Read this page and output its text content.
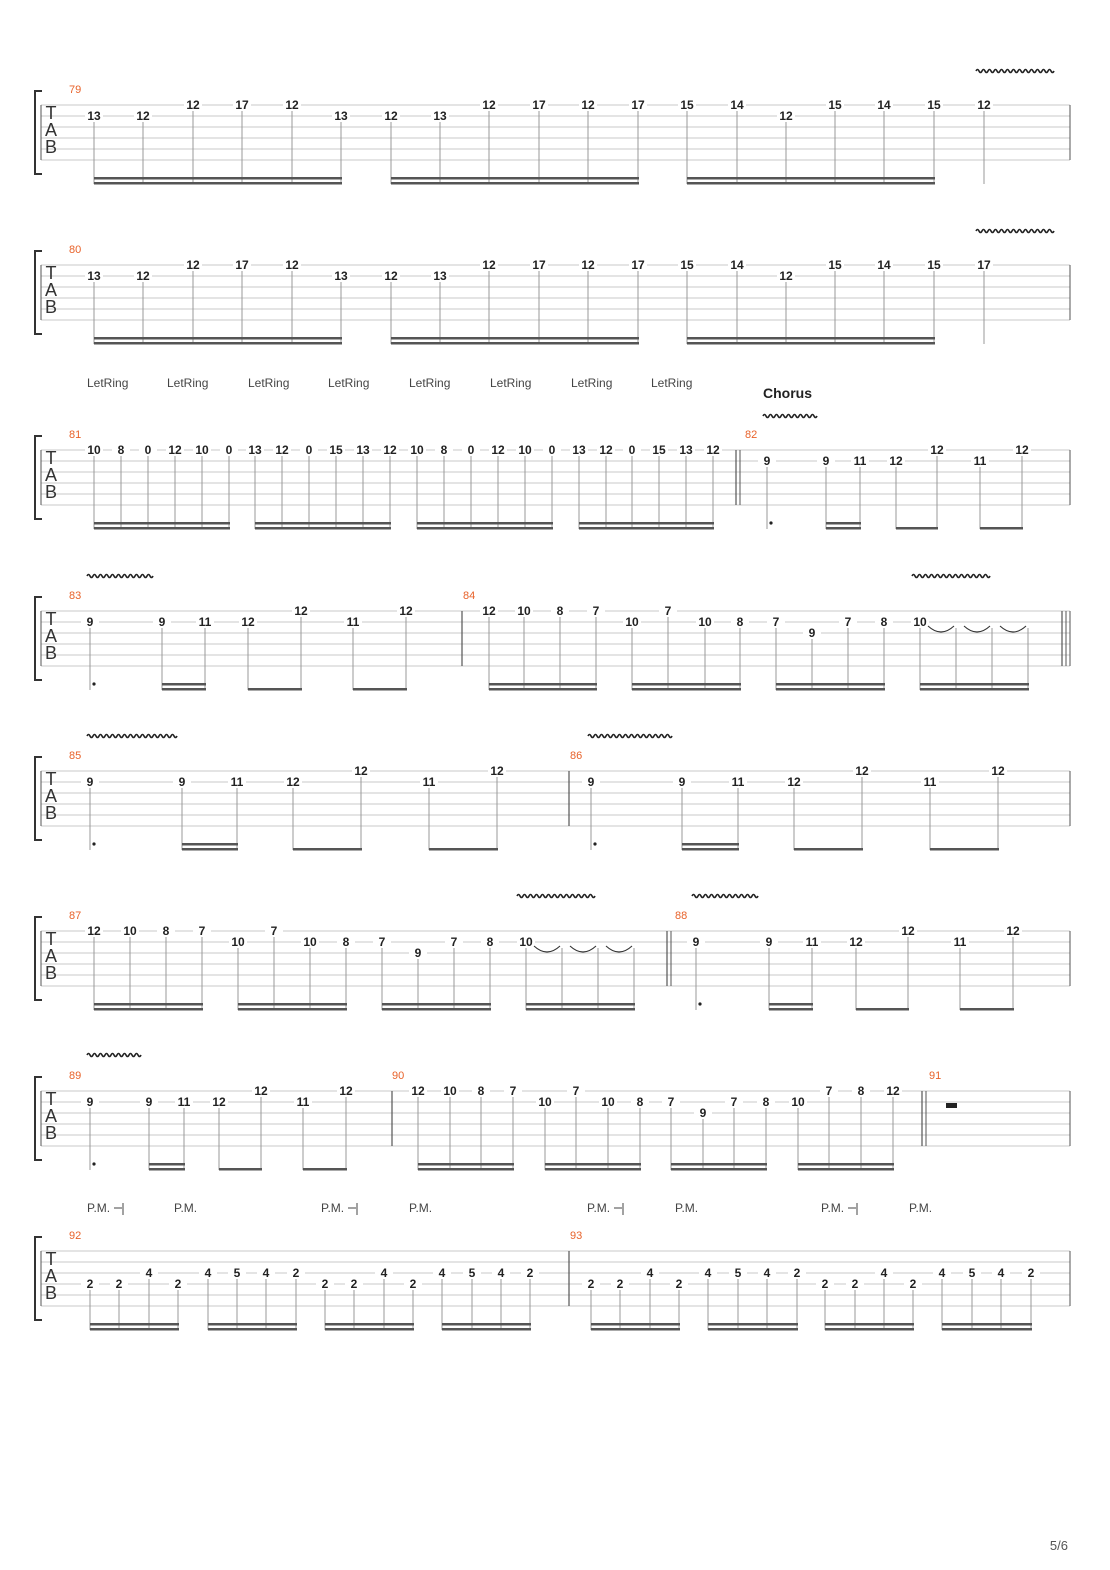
T
A
B
79
13	12
12	17	12
13	12	13
12	17	12	17	15	14
12
15	14	15	12
T
A
B
80
13	12
12	17	12
13	12	13
12	17	12	17	15	14
12
15	14	15	17
T
A
B
LetRing	LetRing	LetRing	LetRing	LetRing	LetRing	LetRing	LetRing
Chorus
81
10 8 0 12 10 0 13 12 0 15 13 12 10 8 0 12 10 0 13 12 0 15 13 12
82
9	9 11 12
12
11
12
T
A
B
83
9	9	11 12
12
11
12
84
12 10 8 7
10
7
10 8 7
9
7 8 10
T
A
B
85
9	9	11	12
12
11
12
86
9	9	11	12
12
11
12
T
A
B
87
12 10 8 7
10
7
10 8 7
9
7 8 10
88
9	9	11	12
12
11
12
T
A
B
89
9	9 11 12
12
11
12
90
12 10 8 7
10
7
10 8 7
9
7 8 10
7 8 12
91
T
A
B
P.M.	P.M.	P.M.	P.M.	P.M.	P.M.	P.M.	P.M.
92
2 2
4
2
4 5 4 2
2 2
4
2
4 5 4 2
93
2 2
4
2
4 5 4 2
2 2
4
2
4 5 4 2
5/6
